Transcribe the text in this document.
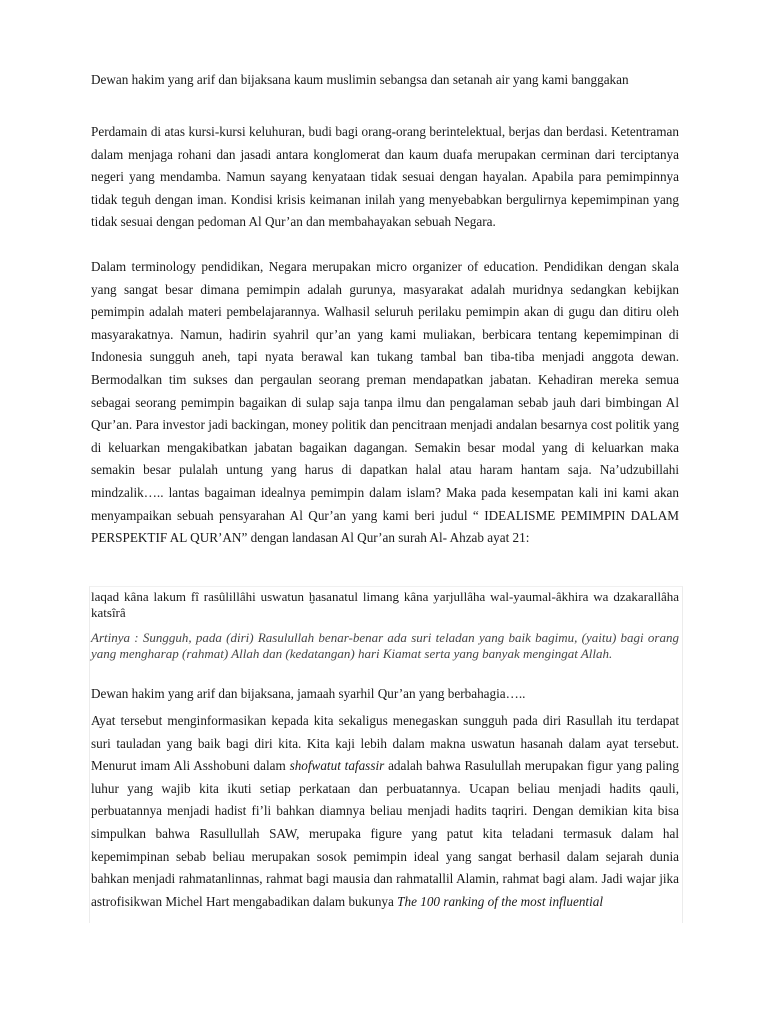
Dewan hakim yang arif dan bijaksana kaum muslimin sebangsa dan setanah air yang kami banggakan

Perdamain di atas kursi-kursi keluhuran, budi bagi orang-orang berintelektual, berjas dan berdasi. Ketentraman dalam menjaga rohani dan jasadi antara konglomerat dan kaum duafa merupakan cerminan dari terciptanya negeri yang mendamba. Namun sayang kenyataan tidak sesuai dengan hayalan. Apabila para pemimpinnya tidak teguh dengan iman. Kondisi krisis keimanan inilah yang menyebabkan bergulirnya kepemimpinan yang tidak sesuai dengan pedoman Al Qur’an dan membahayakan sebuah Negara.

Dalam terminology pendidikan, Negara merupakan micro organizer of education. Pendidikan dengan skala yang sangat besar dimana pemimpin adalah gurunya, masyarakat adalah muridnya sedangkan kebijkan pemimpin adalah materi pembelajarannya. Walhasil seluruh perilaku pemimpin akan di gugu dan ditiru oleh masyarakatnya. Namun, hadirin syahril qur’an yang kami muliakan, berbicara tentang kepemimpinan di Indonesia sungguh aneh, tapi nyata berawal kan tukang tambal ban tiba-tiba menjadi anggota dewan. Bermodalkan tim sukses dan pergaulan seorang preman mendapatkan jabatan. Kehadiran mereka semua sebagai seorang pemimpin bagaikan di sulap saja tanpa ilmu dan pengalaman sebab jauh dari bimbingan Al Qur’an. Para investor jadi backingan, money politik dan pencitraan menjadi andalan besarnya cost politik yang di keluarkan mengakibatkan jabatan bagaikan dagangan. Semakin besar modal yang di keluarkan maka semakin besar pulalah untung yang harus di dapatkan halal atau haram hantam saja. Na’udzubillahi mindzalik….. lantas bagaiman idealnya pemimpin dalam islam? Maka pada kesempatan kali ini kami akan menyampaikan sebuah pensyarahan Al Qur’an yang kami beri judul “ IDEALISME PEMIMPIN DALAM PERSPEKTIF AL QUR’AN” dengan landasan Al Qur’an surah Al- Ahzab ayat 21:

laqad kâna lakum fî rasûlillâhi uswatun ḫasanatul limang kâna yarjullâha wal-yaumal-âkhira wa dzakarallâha katsîrâ

Artinya : Sungguh, pada (diri) Rasulullah benar-benar ada suri teladan yang baik bagimu, (yaitu) bagi orang yang mengharap (rahmat) Allah dan (kedatangan) hari Kiamat serta yang banyak mengingat Allah.

Dewan hakim yang arif dan bijaksana, jamaah syarhil Qur’an yang berbahagia…..

Ayat tersebut menginformasikan kepada kita sekaligus menegaskan sungguh pada diri Rasullah itu terdapat suri tauladan yang baik bagi diri kita. Kita kaji lebih dalam makna uswatun hasanah dalam ayat tersebut. Menurut imam Ali Asshobuni dalam shofwatut tafassir adalah bahwa Rasulullah merupakan figur yang paling luhur yang wajib kita ikuti setiap perkataan dan perbuatannya. Ucapan beliau menjadi hadits qauli, perbuatannya menjadi hadist fi’li bahkan diamnya beliau menjadi hadits taqriri. Dengan demikian kita bisa simpulkan bahwa Rasullullah SAW, merupaka figure yang patut kita teladani termasuk dalam hal kepemimpinan sebab beliau merupakan sosok pemimpin ideal yang sangat berhasil dalam sejarah dunia bahkan menjadi rahmatanlinnas, rahmat bagi mausia dan rahmatallil Alamin, rahmat bagi alam. Jadi wajar jika astrofisikwan Michel Hart mengabadikan dalam bukunya The 100 ranking of the most influential
